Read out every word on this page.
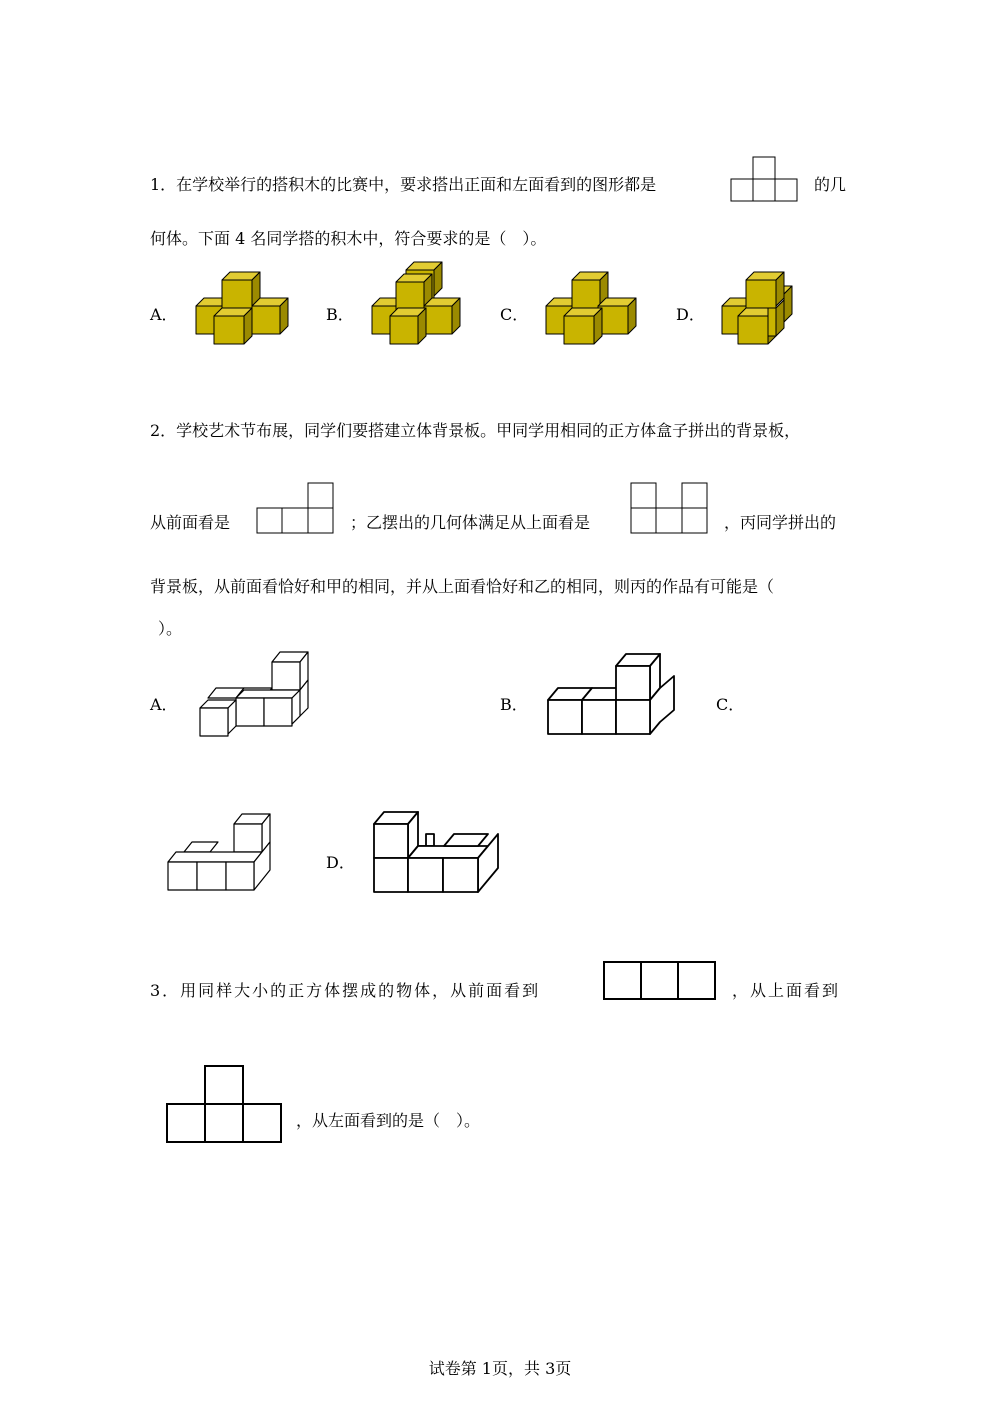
1．在学校举行的搭积木的比赛中，要求搭出正面和左面看到的图形都是	的几
何体。下面 4 名同学搭的积木中，符合要求的是（　）。
A．	B．	C．	D．
2．学校艺术节布展，同学们要搭建立体背景板。甲同学用相同的正方体盒子拼出的背景板，
从前面看是	；乙摆出的几何体满足从上面看是	，丙同学拼出的
背景板，从前面看恰好和甲的相同，并从上面看恰好和乙的相同，则丙的作品有可能是（
）。
A．	B．	C．
D．
3．用同样大小的正方体摆成的物体，从前面看到	，从上面看到
，从左面看到的是（　）。
试卷第 1页，共 3页
